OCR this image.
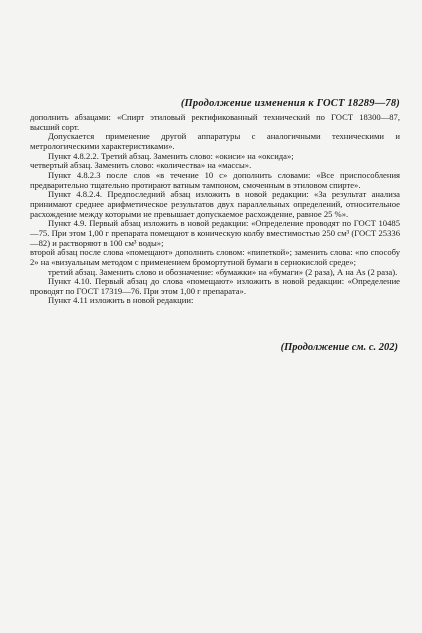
(Продолжение изменения к ГОСТ 18289—78)

дополнить абзацами: «Спирт этиловый ректификованный технический по ГОСТ 18300—87, высший сорт.

Допускается применение другой аппаратуры с аналогичными техническими и метрологическими характеристиками».

Пункт 4.8.2.2. Третий абзац. Заменить слово: «окиси» на «оксида»;

четвертый абзац. Заменить слово: «количества» на «массы».

Пункт 4.8.2.3 после слов «в течение 10 с» дополнить словами: «Все приспособления предварительно тщательно протирают ватным тампоном, смоченным в этиловом спирте».

Пункт 4.8.2.4. Предпоследний абзац изложить в новой редакции: «За результат анализа принимают среднее арифметическое результатов двух параллельных определений, относительное расхождение между которыми не превышает допускаемое расхождение, равное 25 %».

Пункт 4.9. Первый абзац изложить в новой редакции: «Определение проводят по ГОСТ 10485—75. При этом 1,00 г препарата помещают в коническую колбу вместимостью 250 см³ (ГОСТ 25336—82) и растворяют в 100 см³ воды»;

второй абзац после слова «помещают» дополнить словом: «пипеткой»; заменить слова: «по способу 2» на «визуальным методом с применением бромортутной бумаги в сернокислой среде»;

третий абзац. Заменить слово и обозначение: «бумажки» на «бумаги» (2 раза), А на Аs (2 раза).

Пункт 4.10. Первый абзац до слова «помещают» изложить в новой редакции: «Определение проводят по ГОСТ 17319—76. При этом 1,00 г препарата».

Пункт 4.11 изложить в новой редакции:

(Продолжение см. с. 202)
